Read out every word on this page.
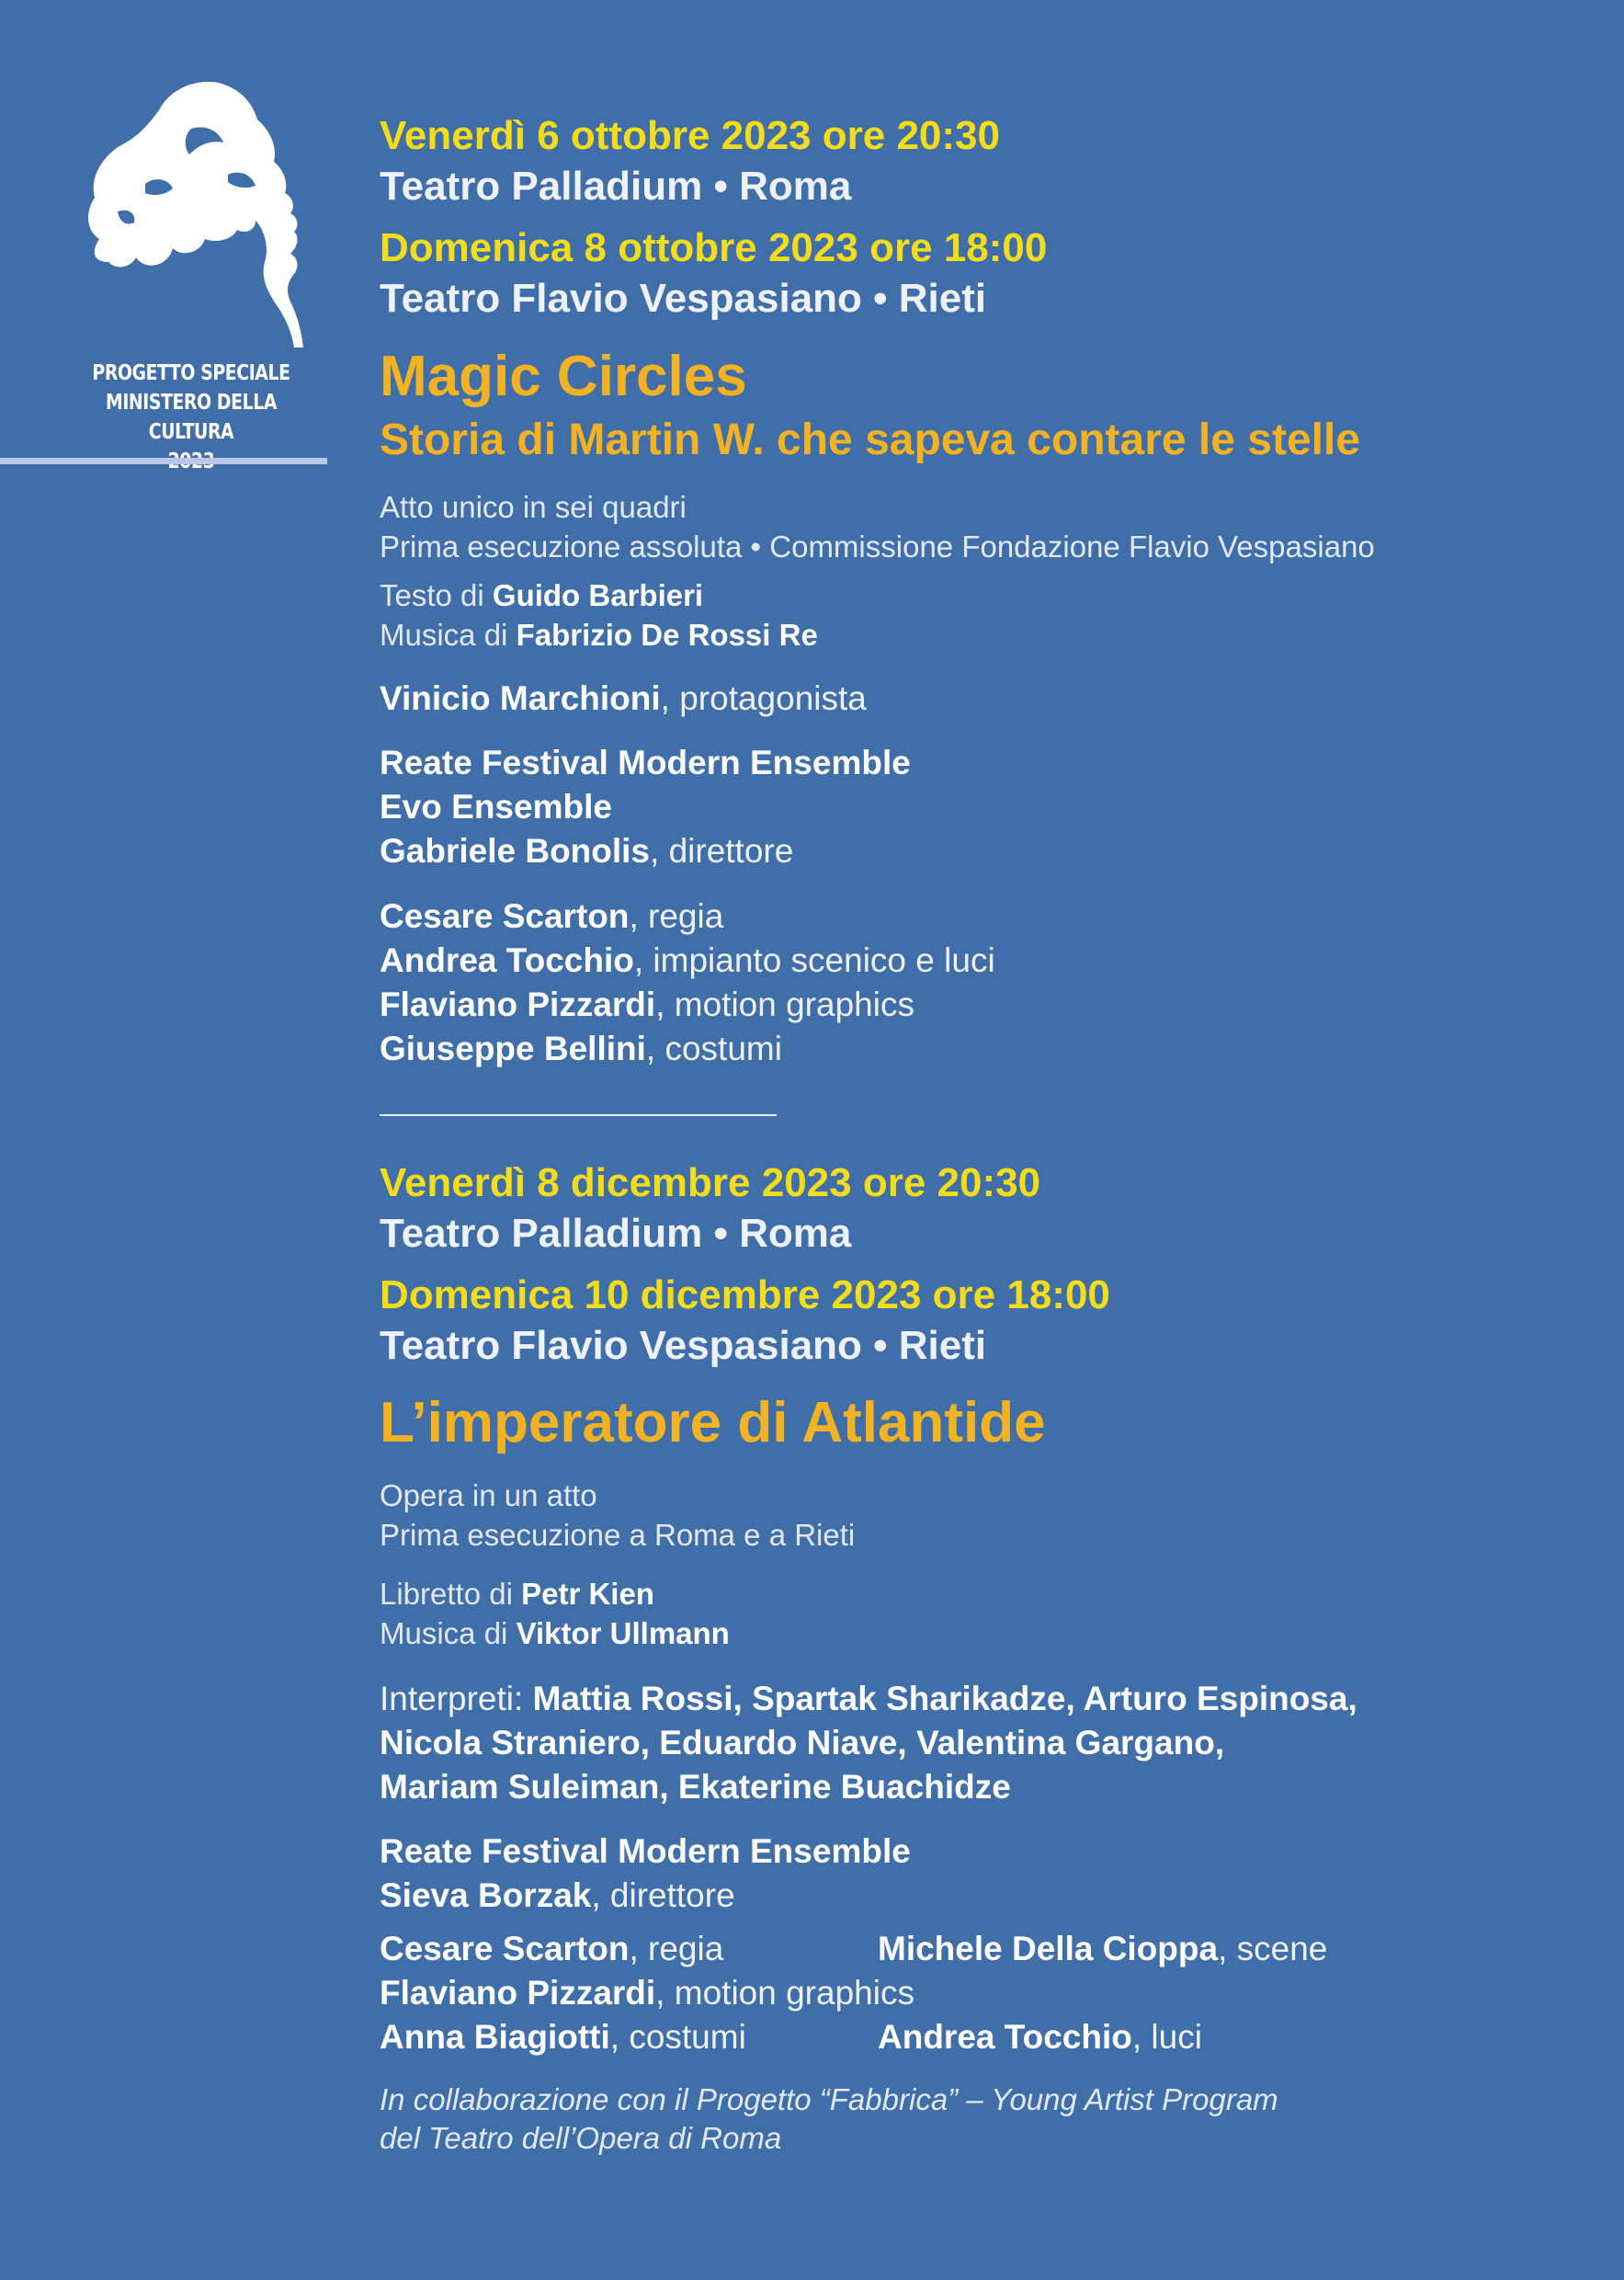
PROGETTO SPECIALE
MINISTERO DELLA CULTURA
Venerdì 6 ottobre 2023 ore 20:30
Teatro Palladium • Roma
Domenica 8 ottobre 2023 ore 18:00
Teatro Flavio Vespasiano • Rieti
Magic Circles
Storia di Martin W. che sapeva contare le stelle
Atto unico in sei quadri
Prima esecuzione assoluta • Commissione Fondazione Flavio Vespasiano
Testo di Guido Barbieri
Musica di Fabrizio De Rossi Re
Vinicio Marchioni, protagonista
Reate Festival Modern Ensemble
Evo Ensemble
Gabriele Bonolis, direttore
Cesare Scarton, regia
Andrea Tocchio, impianto scenico e luci
Flaviano Pizzardi, motion graphics
Giuseppe Bellini, costumi
Venerdì 8 dicembre 2023 ore 20:30
Teatro Palladium • Roma
Domenica 10 dicembre 2023 ore 18:00
Teatro Flavio Vespasiano • Rieti
L’imperatore di Atlantide
Opera in un atto
Prima esecuzione a Roma e a Rieti
Libretto di Petr Kien
Musica di Viktor Ullmann
Interpreti: Mattia Rossi, Spartak Sharikadze, Arturo Espinosa,
Nicola Straniero, Eduardo Niave, Valentina Gargano,
Mariam Suleiman, Ekaterine Buachidze
Reate Festival Modern Ensemble
Sieva Borzak, direttore
Cesare Scarton, regia	Michele Della Cioppa, scene
Flaviano Pizzardi, motion graphics
Anna Biagiotti, costumi	Andrea Tocchio, luci
In collaborazione con il Progetto “Fabbrica” – Young Artist Program
del Teatro dell’Opera di Roma
